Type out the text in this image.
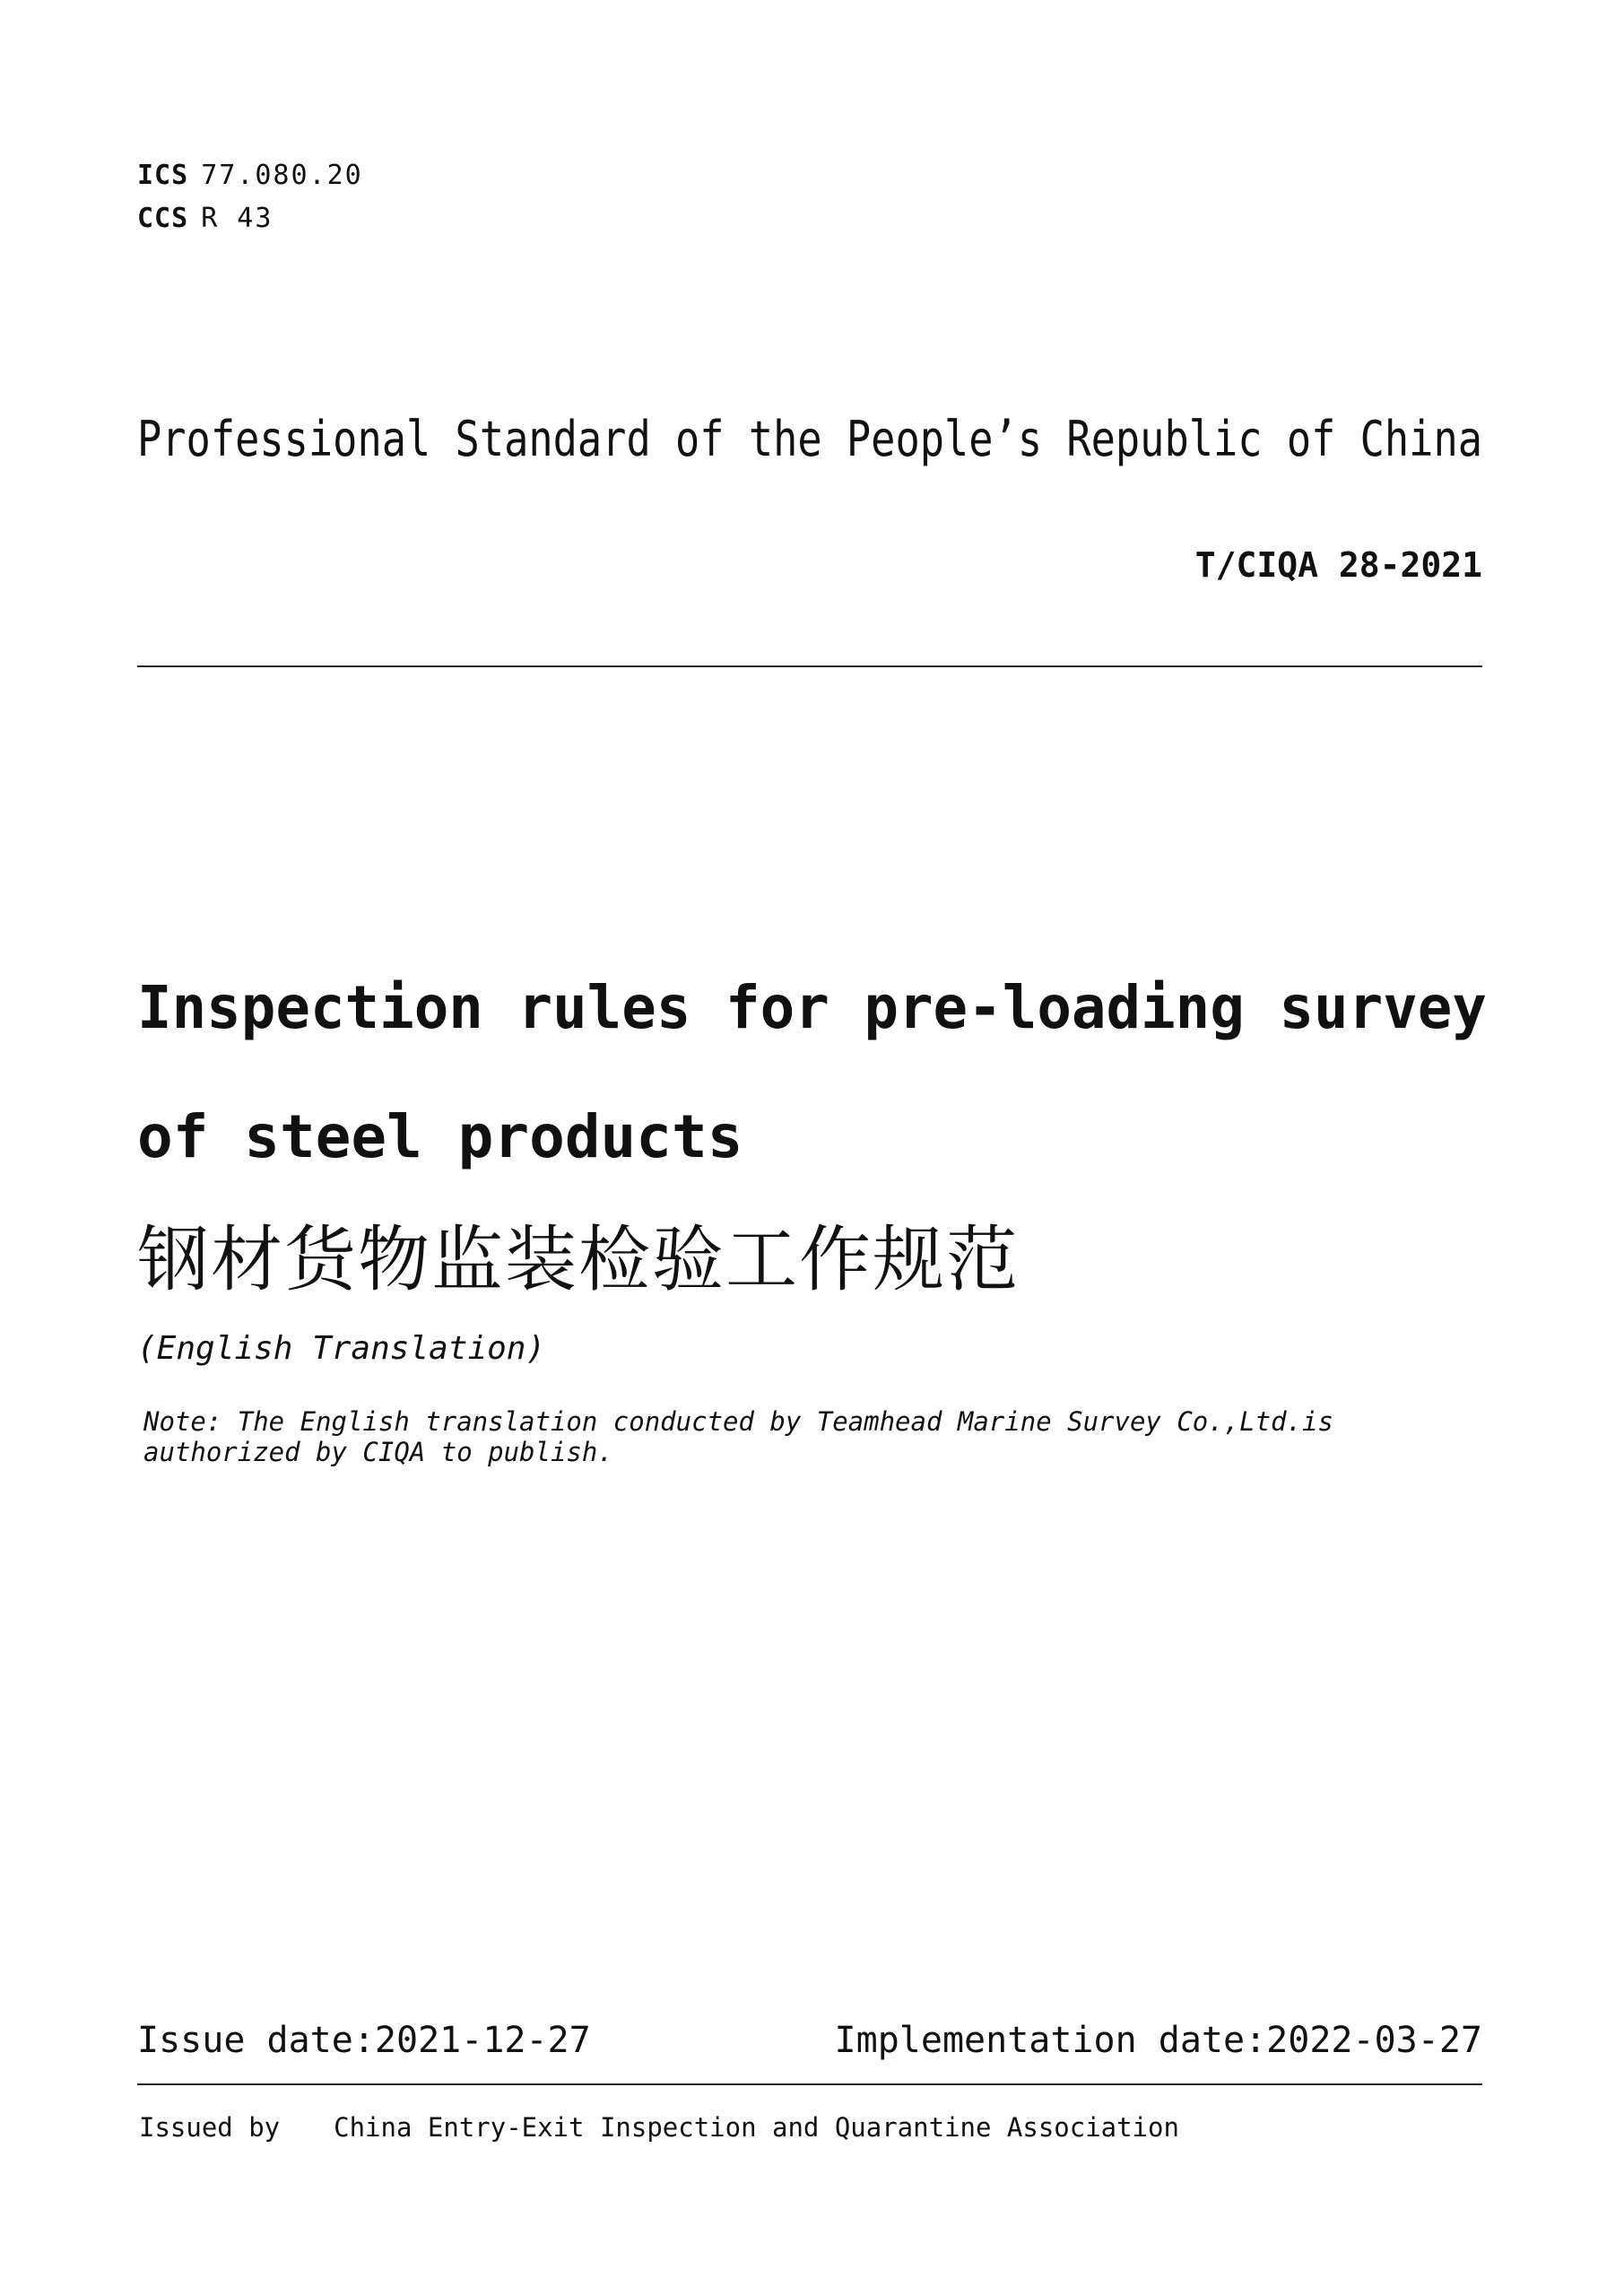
ICS 77.080.20
CCS R 43
Professional Standard of the People’s Republic of China
T/CIQA 28-2021
Inspection rules for pre-loading survey
of steel products
钢材货物监装检验工作规范
(English Translation)
Note: The English translation conducted by Teamhead Marine Survey Co.,Ltd.is authorized by CIQA to publish.
Issue date:2021-12-27	Implementation date:2022-03-27
Issued by China Entry-Exit Inspection and Quarantine Association
